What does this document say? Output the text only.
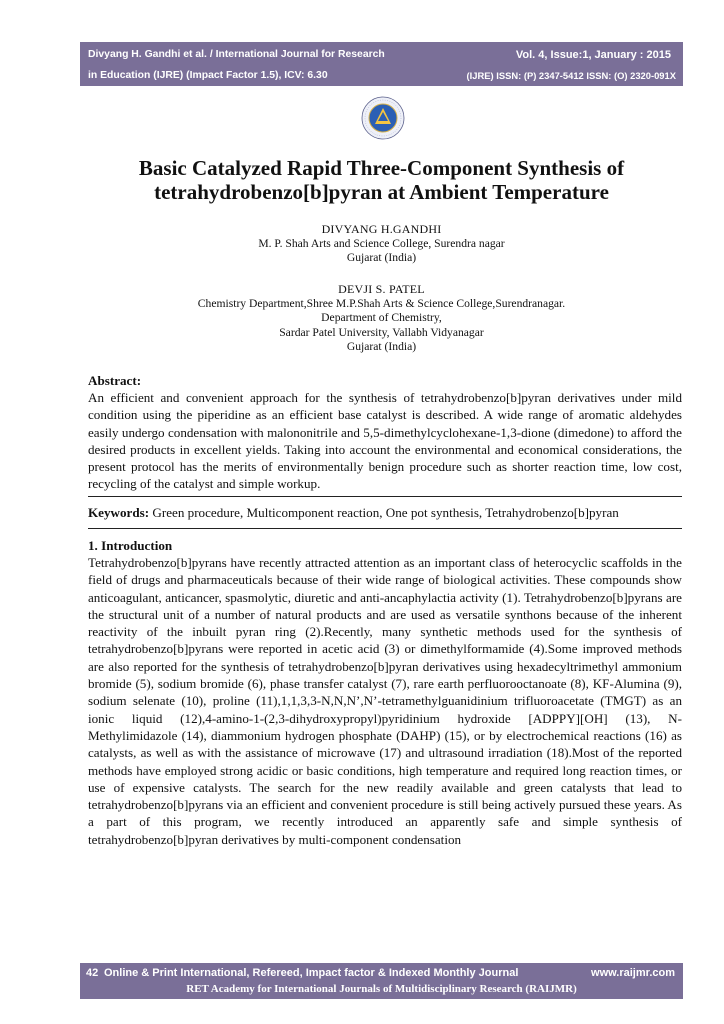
Divyang H. Gandhi et al. / International Journal for Research
in Education (IJRE) (Impact Factor 1.5), ICV: 6.30
Vol. 4, Issue:1, January : 2015
(IJRE) ISSN: (P) 2347-5412 ISSN: (O) 2320-091X
Basic Catalyzed Rapid Three-Component Synthesis of
tetrahydrobenzo[b]pyran at Ambient Temperature
DIVYANG H.GANDHI
M. P. Shah Arts and Science College, Surendra nagar
Gujarat (India)
DEVJI S. PATEL
Chemistry Department,Shree M.P.Shah Arts & Science College,Surendranagar.
Department of Chemistry,
Sardar Patel University, Vallabh Vidyanagar
Gujarat (India)
Abstract:

An efficient and convenient approach for the synthesis of tetrahydrobenzo[b]pyran derivatives under mild condition using the piperidine as an efficient base catalyst is described. A wide range of aromatic aldehydes easily undergo condensation with malononitrile and 5,5-dimethylcyclohexane-1,3-dione (dimedone) to afford the desired products in excellent yields. Taking into account the environmental and economical considerations, the present protocol has the merits of environmentally benign procedure such as shorter reaction time, low cost, recycling of the catalyst and simple workup.

Keywords: Green procedure, Multicomponent reaction, One pot synthesis, Tetrahydrobenzo[b]pyran
1. Introduction

Tetrahydrobenzo[b]pyrans have recently attracted attention as an important class of heterocyclic scaffolds in the field of drugs and pharmaceuticals because of their wide range of biological activities. These compounds show anticoagulant, anticancer, spasmolytic, diuretic and anti-ancaphylactia activity (1). Tetrahydrobenzo[b]pyrans are the structural unit of a number of natural products and are used as versatile synthons because of the inherent reactivity of the inbuilt pyran ring (2).Recently, many synthetic methods used for the synthesis of tetrahydrobenzo[b]pyrans were reported in acetic acid (3) or dimethylformamide (4).Some improved methods are also reported for the synthesis of tetrahydrobenzo[b]pyran derivatives using hexadecyltrimethyl ammonium bromide (5), sodium bromide (6), phase transfer catalyst (7), rare earth perfluorooctanoate (8), KF-Alumina (9), sodium selenate (10), proline (11),1,1,3,3-N,N,N’,N’-tetramethylguanidinium trifluoroacetate (TMGT) as an ionic liquid (12),4-amino-1-(2,3-dihydroxypropyl)pyridinium hydroxide [ADPPY][OH] (13), N-Methylimidazole (14), diammonium hydrogen phosphate (DAHP) (15), or by electrochemical reactions (16) as catalysts, as well as with the assistance of microwave (17) and ultrasound irradiation (18).Most of the reported methods have employed strong acidic or basic conditions, high temperature and required long reaction times, or use of expensive catalysts. The search for the new readily available and green catalysts that lead to tetrahydrobenzo[b]pyrans via an efficient and convenient procedure is still being actively pursued these years. As a part of this program, we recently introduced an apparently safe and simple synthesis of tetrahydrobenzo[b]pyran derivatives by multi-component condensation

42 Online & Print International, Refereed, Impact factor & Indexed Monthly Journal	www.raijmr.com
RET Academy for International Journals of Multidisciplinary Research (RAIJMR)
